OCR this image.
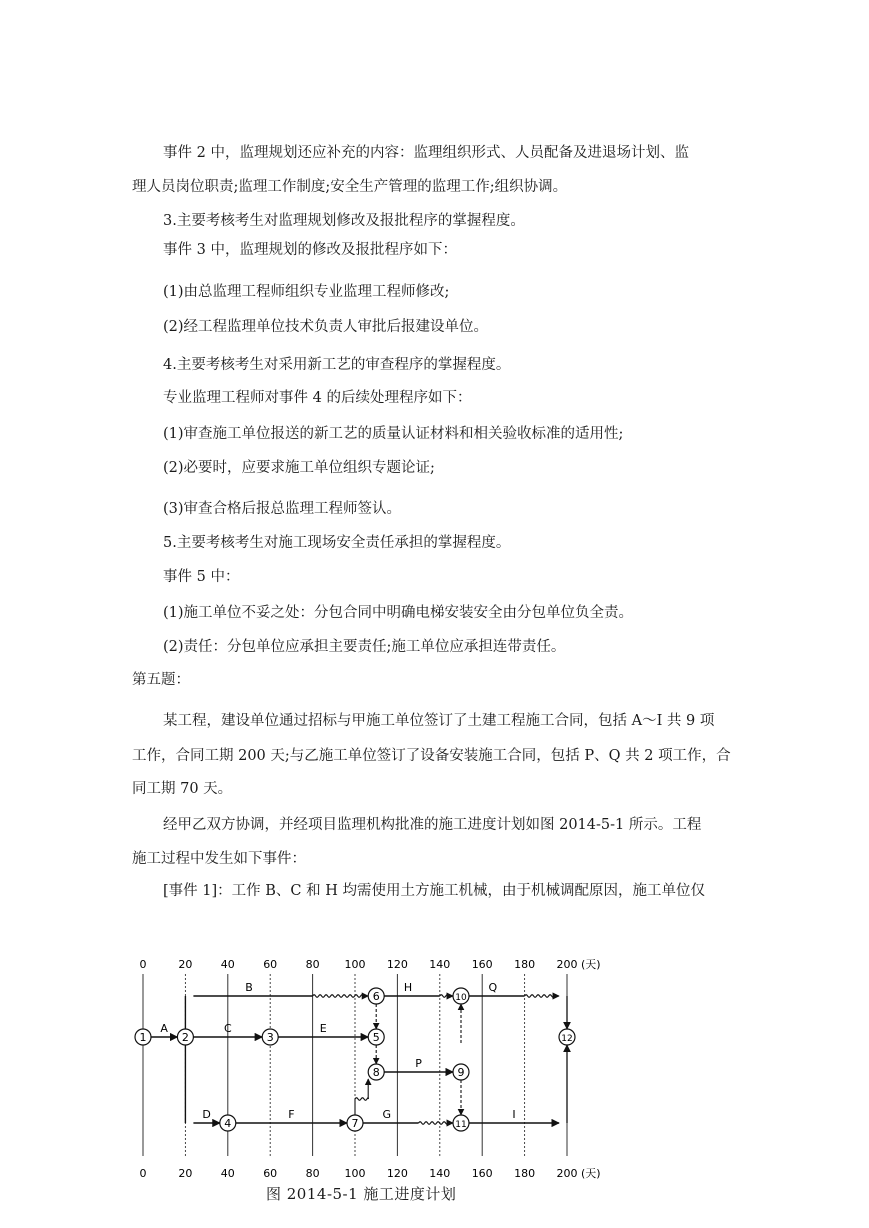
事件 2 中，监理规划还应补充的内容：监理组织形式、人员配备及进退场计划、监
理人员岗位职责;监理工作制度;安全生产管理的监理工作;组织协调。
3.主要考核考生对监理规划修改及报批程序的掌握程度。
事件 3 中，监理规划的修改及报批程序如下：
(1)由总监理工程师组织专业监理工程师修改;
(2)经工程监理单位技术负责人审批后报建设单位。
4.主要考核考生对采用新工艺的审查程序的掌握程度。
专业监理工程师对事件 4 的后续处理程序如下：
(1)审查施工单位报送的新工艺的质量认证材料和相关验收标准的适用性;
(2)必要时，应要求施工单位组织专题论证;
(3)审查合格后报总监理工程师签认。
5.主要考核考生对施工现场安全责任承担的掌握程度。
事件 5 中：
(1)施工单位不妥之处：分包合同中明确电梯安装安全由分包单位负全责。
(2)责任：分包单位应承担主要责任;施工单位应承担连带责任。
第五题：
某工程，建设单位通过招标与甲施工单位签订了土建工程施工合同，包括 A～I 共 9 项
工作，合同工期 200 天;与乙施工单位签订了设备安装施工合同，包括 P、Q 共 2 项工作，合
同工期 70 天。
经甲乙双方协调，并经项目监理机构批准的施工进度计划如图 2014-5-1 所示。工程
施工过程中发生如下事件：
[事件 1]：工作 B、C 和 H 均需使用土方施工机械，由于机械调配原因，施工单位仅
0
0
20
20
40
40
60
60
80
80
100
100
120
120
140
140
160
160
180
180
200
200
(天)
(天)
A
B
C	E
D	F	G
H
P
Q
I
1	2	3	5
6
8	9
10
4	7	11
12
图 2014-5-1 施工进度计划
